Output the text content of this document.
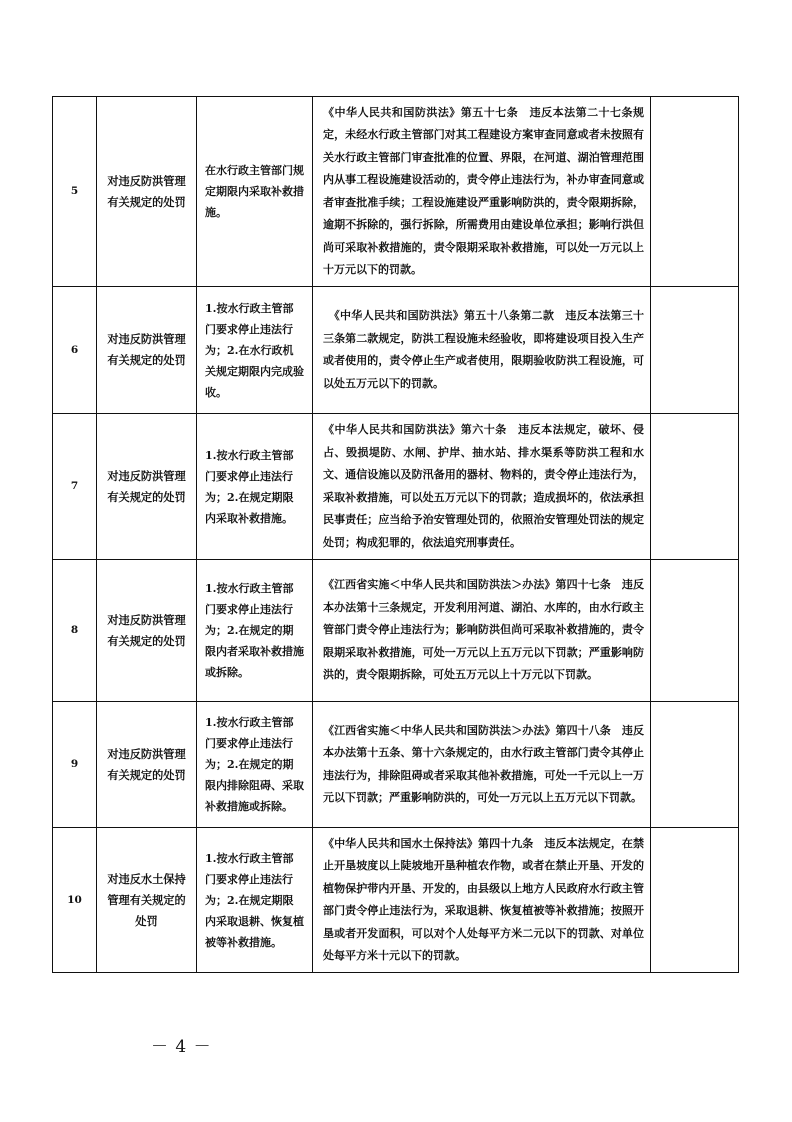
5	对违反防洪管理有关规定的处罚	在水行政主管部门规定期限内采取补救措施。	《中华人民共和国防洪法》第五十七条　违反本法第二十七条规定，未经水行政主管部门对其工程建设方案审查同意或者未按照有关水行政主管部门审查批准的位置、界限，在河道、湖泊管理范围内从事工程设施建设活动的，责令停止违法行为，补办审查同意或者审查批准手续；工程设施建设严重影响防洪的，责令限期拆除，逾期不拆除的，强行拆除，所需费用由建设单位承担；影响行洪但尚可采取补救措施的，责令限期采取补救措施，可以处一万元以上十万元以下的罚款。	
6	对违反防洪管理有关规定的处罚	1.按水行政主管部门要求停止违法行为；2.在水行政机关规定期限内完成验收。	　《中华人民共和国防洪法》第五十八条第二款　违反本法第三十三条第二款规定，防洪工程设施未经验收，即将建设项目投入生产或者使用的，责令停止生产或者使用，限期验收防洪工程设施，可以处五万元以下的罚款。	
7	对违反防洪管理有关规定的处罚	1.按水行政主管部门要求停止违法行为；2.在规定期限内采取补救措施。	《中华人民共和国防洪法》第六十条　违反本法规定，破坏、侵占、毁损堤防、水闸、护岸、抽水站、排水渠系等防洪工程和水文、通信设施以及防汛备用的器材、物料的，责令停止违法行为，采取补救措施，可以处五万元以下的罚款；造成损坏的，依法承担民事责任；应当给予治安管理处罚的，依照治安管理处罚法的规定处罚；构成犯罪的，依法追究刑事责任。	
8	对违反防洪管理有关规定的处罚	1.按水行政主管部门要求停止违法行为；2.在规定的期限内者采取补救措施或拆除。	《江西省实施＜中华人民共和国防洪法＞办法》第四十七条　违反本办法第十三条规定，开发利用河道、湖泊、水库的，由水行政主管部门责令停止违法行为；影响防洪但尚可采取补救措施的，责令限期采取补救措施，可处一万元以上五万元以下罚款；严重影响防洪的，责令限期拆除，可处五万元以上十万元以下罚款。	
9	对违反防洪管理有关规定的处罚	1.按水行政主管部门要求停止违法行为；2.在规定的期限内排除阻碍、采取补救措施或拆除。	《江西省实施＜中华人民共和国防洪法＞办法》第四十八条　违反本办法第十五条、第十六条规定的，由水行政主管部门责令其停止违法行为，排除阻碍或者采取其他补救措施，可处一千元以上一万元以下罚款；严重影响防洪的，可处一万元以上五万元以下罚款。	
10	对违反水土保持管理有关规定的处罚	1.按水行政主管部门要求停止违法行为；2.在规定期限内采取退耕、恢复植被等补救措施。	《中华人民共和国水土保持法》第四十九条　违反本法规定，在禁止开垦坡度以上陡坡地开垦种植农作物，或者在禁止开垦、开发的植物保护带内开垦、开发的，由县级以上地方人民政府水行政主管部门责令停止违法行为，采取退耕、恢复植被等补救措施；按照开垦或者开发面积，可以对个人处每平方米二元以下的罚款、对单位处每平方米十元以下的罚款。	
－ 4 －
